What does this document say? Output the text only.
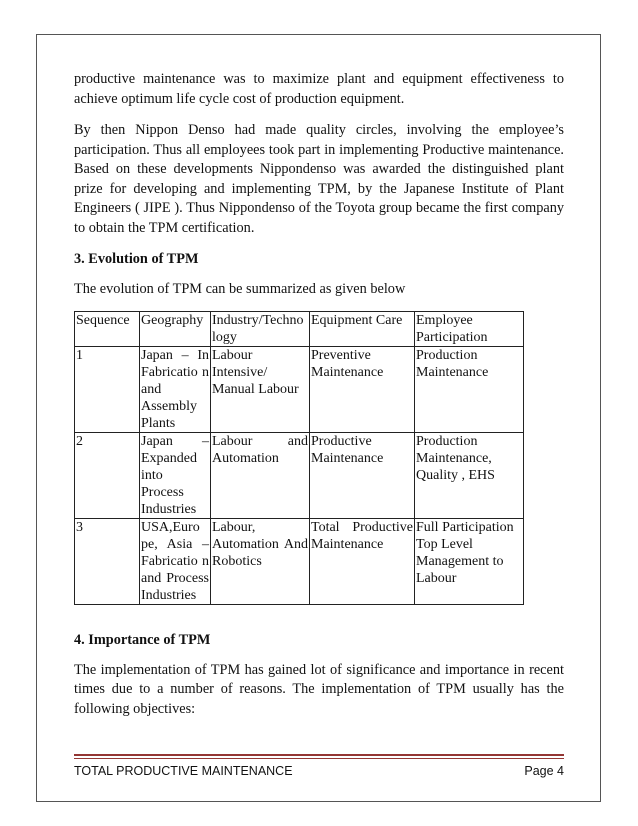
productive maintenance was to maximize plant and equipment effectiveness to achieve optimum life cycle cost of production equipment.

By then Nippon Denso had made quality circles, involving the employee’s participation. Thus all employees took part in implementing Productive maintenance. Based on these developments Nippondenso was awarded the distinguished plant prize for developing and implementing TPM, by the Japanese Institute of Plant Engineers ( JIPE ). Thus Nippondenso of the Toyota group became the first company to obtain the TPM certification.

3. Evolution of TPM

The evolution of TPM can be summarized as given below

Sequence	Geography	Industry/Techno logy	Equipment Care	Employee Participation
1	Japan – In Fabricatio n and Assembly Plants	Labour Intensive/ Manual Labour	Preventive Maintenance	Production Maintenance
2	Japan – Expanded into Process Industries	Labour and Automation	Productive Maintenance	Production Maintenance, Quality , EHS
3	USA,Euro pe, Asia – Fabricatio n and Process Industries	Labour, Automation And Robotics	Total Productive Maintenance	Full Participation Top Level Management to Labour

4. Importance of TPM

The implementation of TPM has gained lot of significance and importance in recent times due to a number of reasons. The implementation of TPM usually has the following objectives:

TOTAL PRODUCTIVE MAINTENANCE	Page 4
